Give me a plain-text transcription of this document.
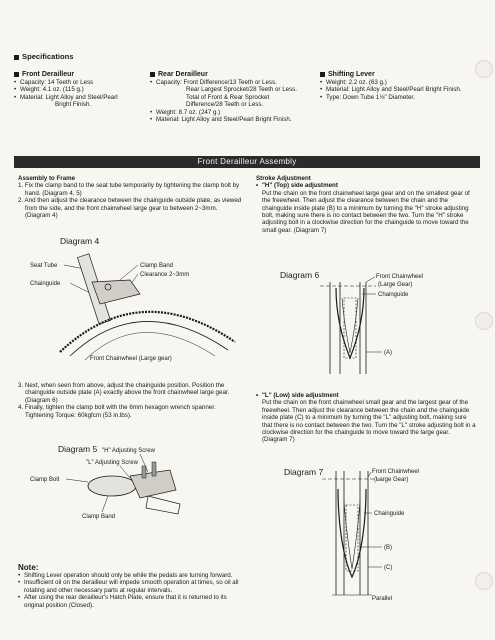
Specifications
Front Derailleur
• Capacity: 14 Teeth or Less
• Weight: 4.1 oz. (115 g.)
• Material: Light Alloy and Steel/Pearl

Bright Finish.

Rear Derailleur
• Capacity: Front Difference/13 Teeth or Less.

Rear Largest Sprocket/28 Teeth or Less.

Total of Front & Rear Sprocket

Difference/28 Teeth or Less.

• Weight: 8.7 oz. (247 g.)
• Material: Light Alloy and Steel/Pearl Bright Finish.
Shifting Lever
• Weight: 2.2 oz. (63 g.)
• Material: Light Alloy and Steel/Pearl Bright Finish.
• Type: Down Tube 1⅛" Diameter.
Front Derailleur Assembly

Assembly to Frame

1. Fix the clamp band to the seat tube temporarily by tightening the clamp bolt by hand. (Diagram 4, 5)
2. And then adjust the clearance between the chainguide outside plate, as viewed from the side, and the front chainwheel large gear to between 2~3mm. (Diagram 4)
Diagram 4
Seat Tube	Clamp Band
Clearance 2~3mm
Chainguide
Front Chainwheel (Large gear)
3. Next, when seen from above, adjust the chainguide position. Position the chainguide outside plate (A) exactly above the front chainwheel large gear. (Diagram 6)
4. Finally, tighten the clamp bolt with the 6mm hexagon wrench spanner. Tightening Torque: 60kgfcm (53 in.lbs).
Diagram 5 "H" Adjusting Screw
"L" Adjusting Screw
Clamp Bolt
Clamp Band

Note:

• Shifting Lever operation should only be while the pedals are turning forward.
• Insufficient oil on the derailleur will impede smooth operation at times, so oil all rotating and other necessary parts at regular intervals.
• After using the rear derailleur's Hatch Plate, ensure that it is returned to its original position (Closed).

Stroke Adjustment

• "H" (Top) side adjustment

Put the chain on the front chainwheel large gear and on the smallest gear of the freewheel. Then adjust the clearance between the chain and the chainguide inside plate (B) to a minimum by turning the "H" stroke adjusting bolt, making sure there is no contact between the two. Turn the "H" stroke adjusting bolt in a clockwise direction for the chainguide to move toward the small gear. (Diagram 7)

Diagram 6	Front Chainwheel
(Large Gear)
Chainguide
(A)
• "L" (Low) side adjustment

Put the chain on the front chainwheel small gear and the largest gear of the freewheel. Then adjust the clearance between the chain and the chainguide inside plate (C) to a minimum by turning the "L" adjusting bolt, making sure that there is no contact between the two. Turn the "L" stroke adjusting bolt in a clockwise direction for the chainguide to move toward the large gear. (Diagram 7)

Diagram 7	Front Chainwheel
(Large Gear)
Chainguide
(B)
(C)
Parallel
